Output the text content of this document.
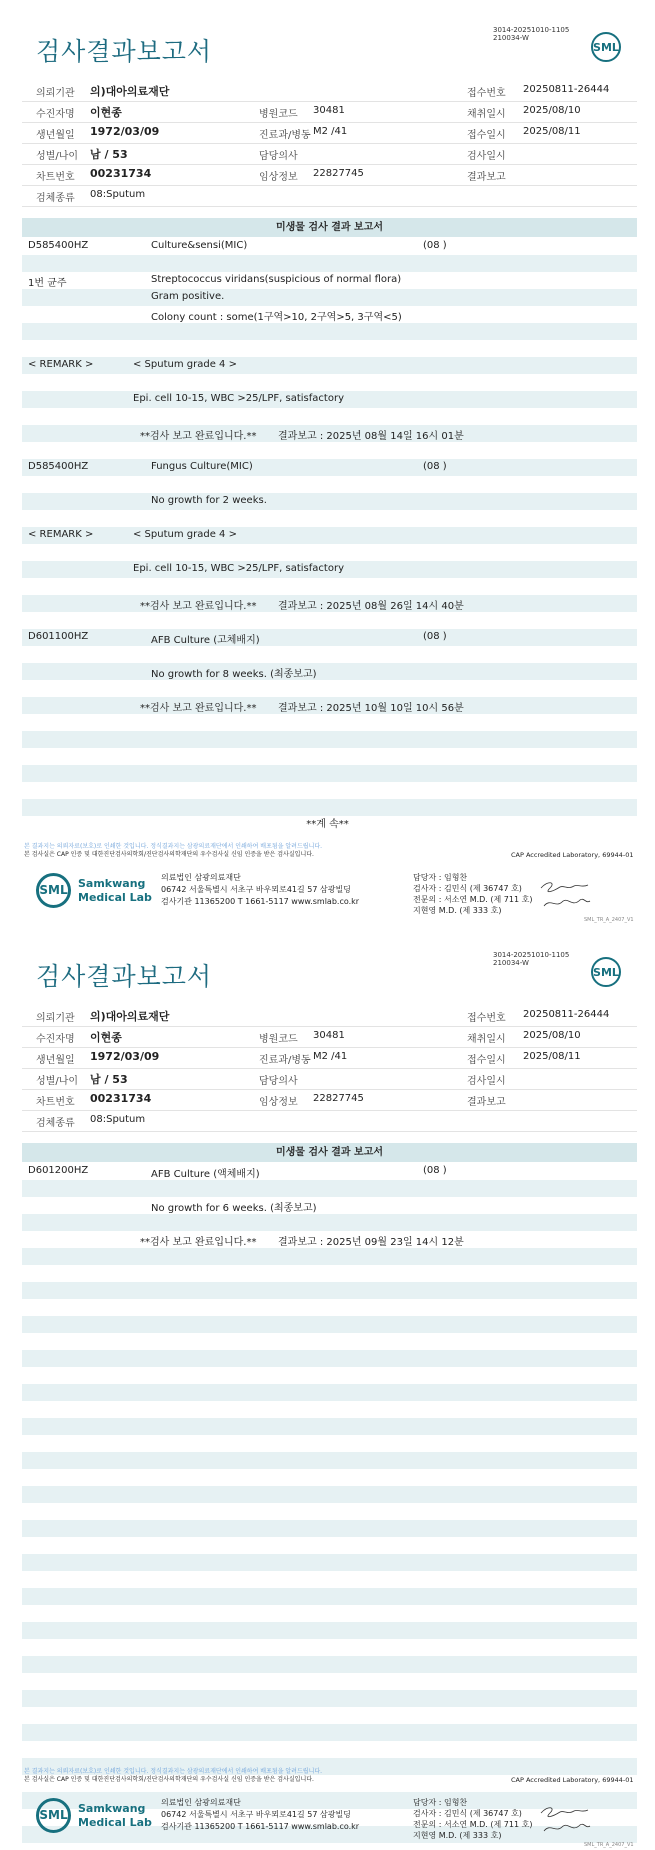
3014-20251010-1105
210034-W
검사결과보고서	SML
의뢰기관 의)대아의료재단	접수번호 20250811-26444
수진자명 이현종	병원코드 30481	채취일시 2025/08/10
생년월일 1972/03/09	진료과/병동 M2 /41	접수일시 2025/08/11
성별/나이 남 / 53	담당의사	검사일시
차트번호 00231734	임상정보 22827745	결과보고
검체종류 08:Sputum
미생물 검사 결과 보고서
D585400HZ	Culture&sensi(MIC)	(08 )
1번 균주	Streptococcus viridans(suspicious of normal flora)
Gram positive.
Colony count : some(1구역>10, 2구역>5, 3구역<5)
< REMARK >	< Sputum grade 4 >
Epi. cell 10-15, WBC >25/LPF, satisfactory
**검사 보고 완료입니다.** 결과보고 : 2025년 08월 14일 16시 01분
D585400HZ	Fungus Culture(MIC)	(08 )
No growth for 2 weeks.
< REMARK >	< Sputum grade 4 >
Epi. cell 10-15, WBC >25/LPF, satisfactory
**검사 보고 완료입니다.** 결과보고 : 2025년 08월 26일 14시 40분
D601100HZ	AFB Culture (고체배지)	(08 )
No growth for 8 weeks. (최종보고)
**검사 보고 완료입니다.** 결과보고 : 2025년 10월 10일 10시 56분
**계 속**
본 결과지는 의뢰자료(보호)로 인쇄한 것입니다. 정식결과지는 삼광의료재단에서 인쇄하여 배포됨을 알려드립니다.
본 검사실은 CAP 인증 및 대한진단검사의학회/진단검사의학재단의 우수검사실 신임 인증을 받은 검사실입니다.	CAP Accredited Laboratory, 69944-01
SML Samkwang
Medical Lab
의료법인 삼광의료재단
06742 서울특별시 서초구 바우뫼로41길 57 삼광빌딩
검사기관 11365200 T 1661-5117 www.smlab.co.kr
담당자 : 임형찬
검사자 : 김민식 (제 36747 호)
전문의 : 서소연 M.D. (제 711 호)
지현영 M.D. (제 333 호)
SML_TR_A_2407_V1
3014-20251010-1105
210034-W
검사결과보고서	SML
의뢰기관 의)대아의료재단	접수번호 20250811-26444
수진자명 이현종	병원코드 30481	채취일시 2025/08/10
생년월일 1972/03/09	진료과/병동 M2 /41	접수일시 2025/08/11
성별/나이 남 / 53	담당의사	검사일시
차트번호 00231734	임상정보 22827745	결과보고
검체종류 08:Sputum
미생물 검사 결과 보고서
D601200HZ	AFB Culture (액체배지)	(08 )
No growth for 6 weeks. (최종보고)
**검사 보고 완료입니다.** 결과보고 : 2025년 09월 23일 14시 12분
본 결과지는 의뢰자료(보호)로 인쇄한 것입니다. 정식결과지는 삼광의료재단에서 인쇄하여 배포됨을 알려드립니다.
본 검사실은 CAP 인증 및 대한진단검사의학회/진단검사의학재단의 우수검사실 신임 인증을 받은 검사실입니다.	CAP Accredited Laboratory, 69944-01
SML Samkwang
Medical Lab
의료법인 삼광의료재단
06742 서울특별시 서초구 바우뫼로41길 57 삼광빌딩
검사기관 11365200 T 1661-5117 www.smlab.co.kr
담당자 : 임형찬
검사자 : 김민식 (제 36747 호)
전문의 : 서소연 M.D. (제 711 호)
지현영 M.D. (제 333 호)
SML_TR_A_2407_V1
